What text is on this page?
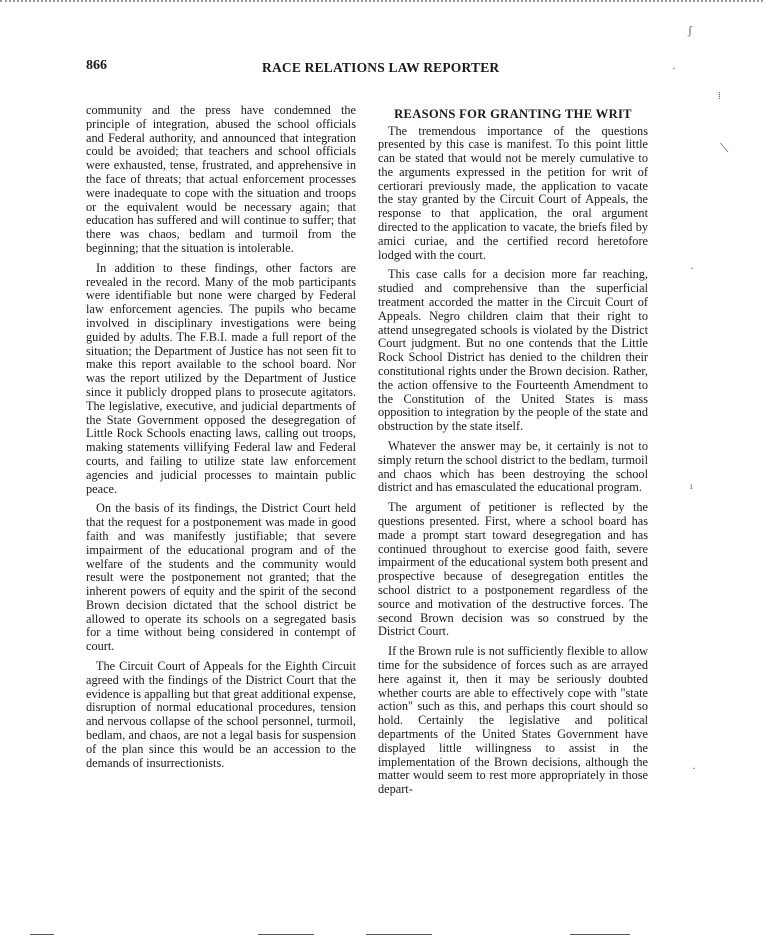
866	RACE RELATIONS LAW REPORTER

community and the press have condemned the principle of integration, abused the school officials and Federal authority, and announced that integration could be avoided; that teachers and school officials were exhausted, tense, frustrated, and apprehensive in the face of threats; that actual enforcement processes were inadequate to cope with the situation and troops or the equivalent would be necessary again; that education has suffered and will continue to suffer; that there was chaos, bedlam and turmoil from the beginning; that the situation is intolerable.

In addition to these findings, other factors are revealed in the record. Many of the mob participants were identifiable but none were charged by Federal law enforcement agencies. The pupils who became involved in disciplinary investigations were being guided by adults. The F.B.I. made a full report of the situation; the Department of Justice has not seen fit to make this report available to the school board. Nor was the report utilized by the Department of Justice since it publicly dropped plans to prosecute agitators. The legislative, executive, and judicial departments of the State Government opposed the desegregation of Little Rock Schools enacting laws, calling out troops, making statements villifying Federal law and Federal courts, and failing to utilize state law enforcement agencies and judicial processes to maintain public peace.

On the basis of its findings, the District Court held that the request for a postponement was made in good faith and was manifestly justifiable; that severe impairment of the educational program and of the welfare of the students and the community would result were the postponement not granted; that the inherent powers of equity and the spirit of the second Brown decision dictated that the school district be allowed to operate its schools on a segregated basis for a time without being considered in contempt of court.

The Circuit Court of Appeals for the Eighth Circuit agreed with the findings of the District Court that the evidence is appalling but that great additional expense, disruption of normal educational procedures, tension and nervous collapse of the school personnel, turmoil, bedlam, and chaos, are not a legal basis for suspension of the plan since this would be an accession to the demands of insurrectionists.

REASONS FOR GRANTING THE WRIT

The tremendous importance of the questions presented by this case is manifest. To this point little can be stated that would not be merely cumulative to the arguments expressed in the petition for writ of certiorari previously made, the application to vacate the stay granted by the Circuit Court of Appeals, the response to that application, the oral argument directed to the application to vacate, the briefs filed by amici curiae, and the certified record heretofore lodged with the court.

This case calls for a decision more far reaching, studied and comprehensive than the superficial treatment accorded the matter in the Circuit Court of Appeals. Negro children claim that their right to attend unsegregated schools is violated by the District Court judgment. But no one contends that the Little Rock School District has denied to the children their constitutional rights under the Brown decision. Rather, the action offensive to the Fourteenth Amendment to the Constitution of the United States is mass opposition to integration by the people of the state and obstruction by the state itself.

Whatever the answer may be, it certainly is not to simply return the school district to the bedlam, turmoil and chaos which has been destroying the school district and has emasculated the educational program.

The argument of petitioner is reflected by the questions presented. First, where a school board has made a prompt start toward desegregation and has continued throughout to exercise good faith, severe impairment of the educational system both present and prospective because of desegregation entitles the school district to a postponement regardless of the source and motivation of the destructive forces. The second Brown decision was so construed by the District Court.

If the Brown rule is not sufficiently flexible to allow time for the subsidence of forces such as are arrayed here against it, then it may be seriously doubted whether courts are able to effectively cope with "state action" such as this, and perhaps this court should so hold. Certainly the legislative and political departments of the United States Government have displayed little willingness to assist in the implementation of the Brown decisions, although the matter would seem to rest more appropriately in those depart-

ʃ
·
⁞
⟍
·
ı
·
